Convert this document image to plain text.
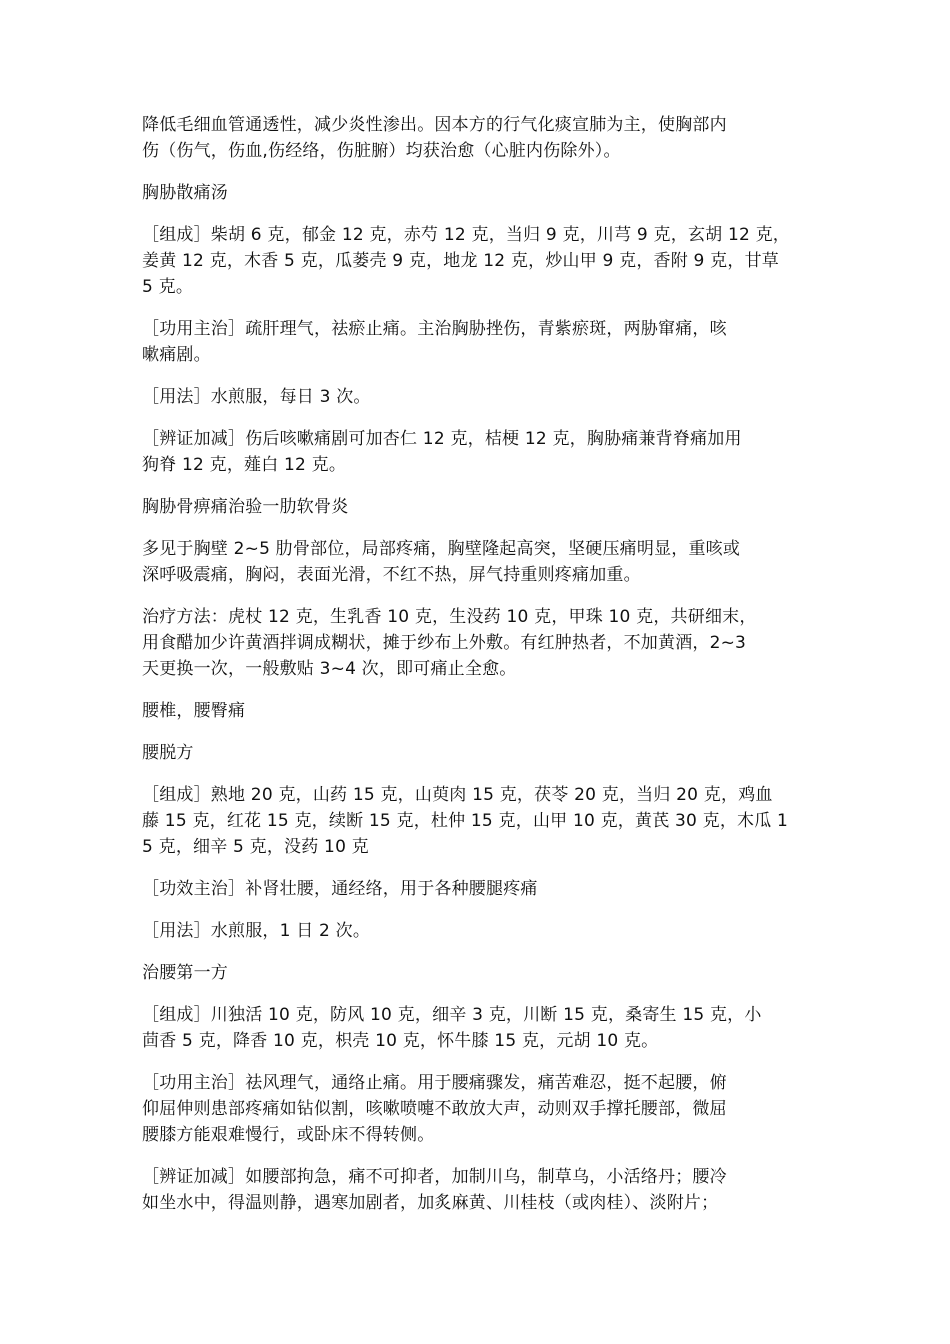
降低毛细血管通透性，减少炎性渗出。因本方的行气化痰宣肺为主，使胸部内
伤（伤气，伤血,伤经络，伤脏腑）均获治愈（心脏内伤除外）。

胸胁散痛汤

［组成］柴胡 6 克，郁金 12 克，赤芍 12 克，当归 9 克，川芎 9 克，玄胡 12 克，
姜黄 12 克，木香 5 克，瓜蒌壳 9 克，地龙 12 克，炒山甲 9 克，香附 9 克，甘草
5 克。

［功用主治］疏肝理气，祛瘀止痛。主治胸胁挫伤，青紫瘀斑，两胁窜痛，咳
嗽痛剧。

［用法］水煎服，每日 3 次。

［辨证加减］伤后咳嗽痛剧可加杏仁 12 克，桔梗 12 克，胸胁痛兼背脊痛加用
狗脊 12 克，薤白 12 克。

胸胁骨痹痛治验一肋软骨炎

多见于胸壁 2~5 肋骨部位，局部疼痛，胸壁隆起高突，坚硬压痛明显，重咳或
深呼吸震痛，胸闷，表面光滑，不红不热，屏气持重则疼痛加重。

治疗方法：虎杖 12 克，生乳香 10 克，生没药 10 克，甲珠 10 克，共研细末，
用食醋加少许黄酒拌调成糊状，摊于纱布上外敷。有红肿热者，不加黄酒，2~3
天更换一次，一般敷贴 3~4 次，即可痛止全愈。

腰椎，腰臀痛

腰脱方

［组成］熟地 20 克，山药 15 克，山萸肉 15 克，茯苓 20 克，当归 20 克，鸡血
藤 15 克，红花 15 克，续断 15 克，杜仲 15 克，山甲 10 克，黄芪 30 克，木瓜 1
5 克，细辛 5 克，没药 10 克

［功效主治］补肾壮腰，通经络，用于各种腰腿疼痛

［用法］水煎服，1 日 2 次。

治腰第一方

［组成］川独活 10 克，防风 10 克，细辛 3 克，川断 15 克，桑寄生 15 克，小
茴香 5 克，降香 10 克，枳壳 10 克，怀牛膝 15 克，元胡 10 克。

［功用主治］祛风理气，通络止痛。用于腰痛骤发，痛苦难忍，挺不起腰，俯
仰屈伸则患部疼痛如钻似割，咳嗽喷嚏不敢放大声，动则双手撑托腰部，微屈
腰膝方能艰难慢行，或卧床不得转侧。

［辨证加减］如腰部拘急，痛不可抑者，加制川乌，制草乌，小活络丹；腰冷
如坐水中，得温则静，遇寒加剧者，加炙麻黄、川桂枝（或肉桂）、淡附片；
